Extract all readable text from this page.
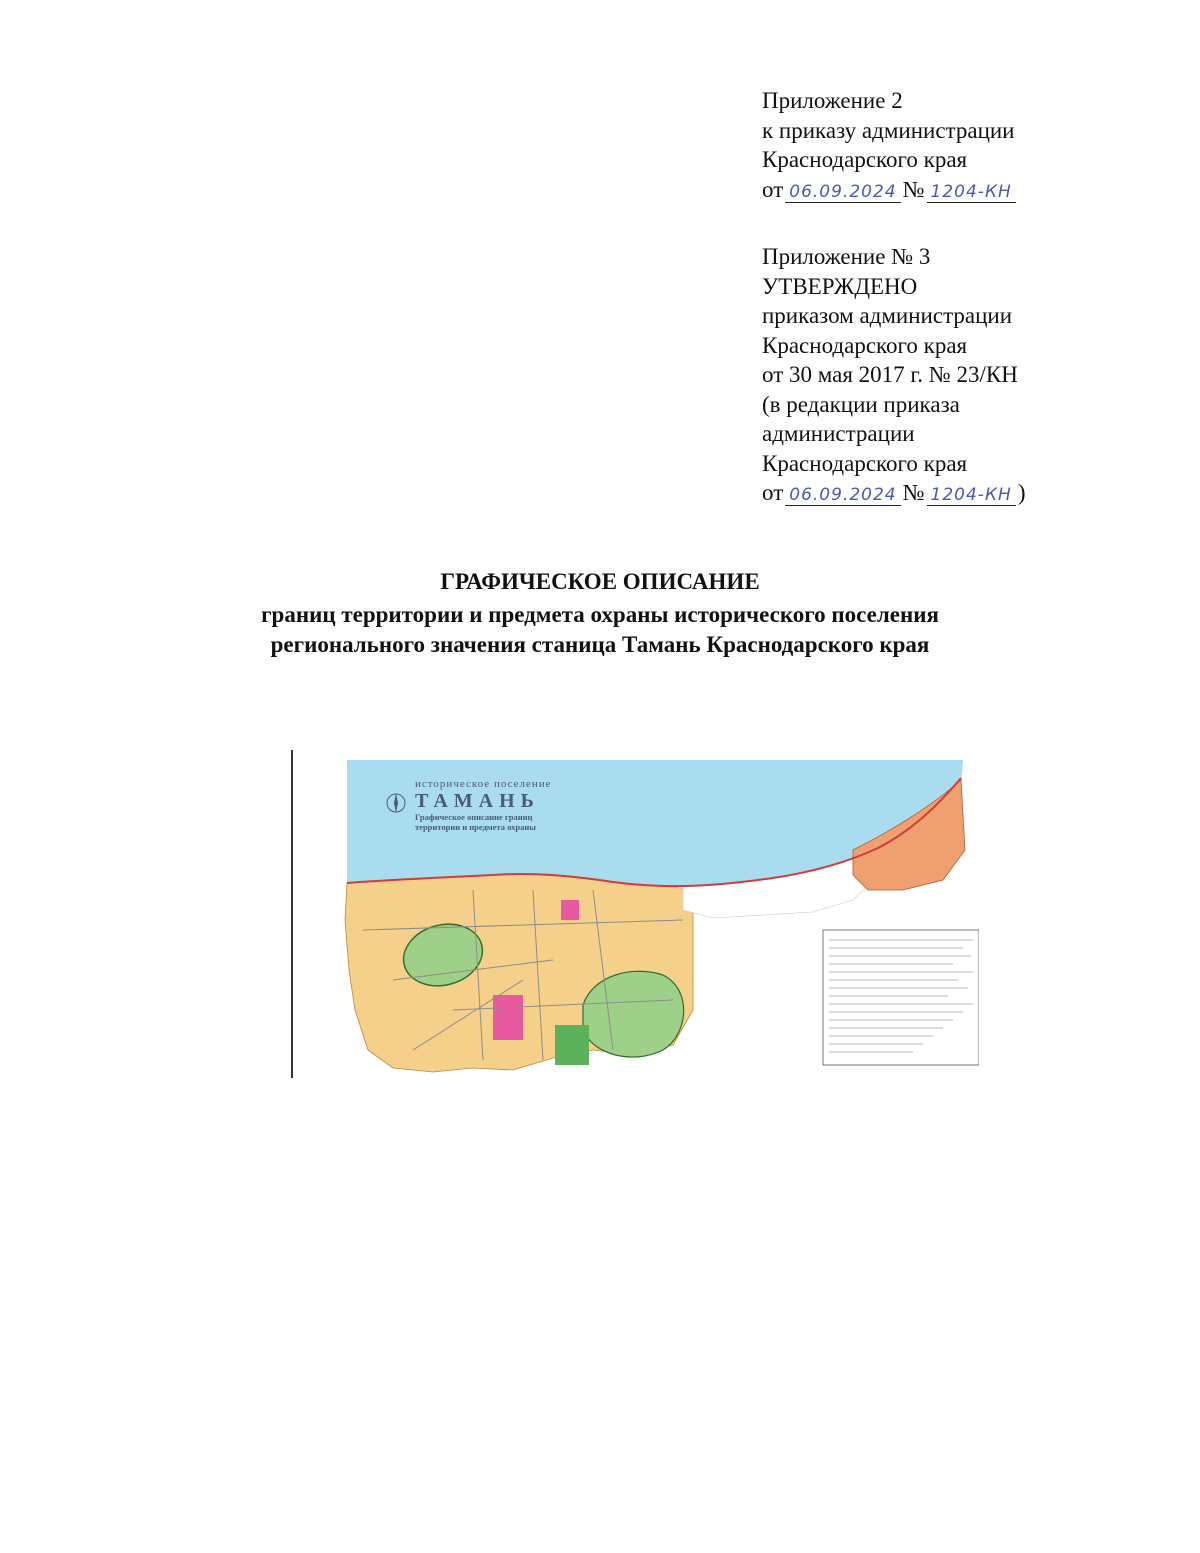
Приложение 2
к приказу администрации
Краснодарского края
от 06.09.2024 № 1204-КН
Приложение № 3
УТВЕРЖДЕНО
приказом администрации
Краснодарского края
от 30 мая 2017 г. № 23/КН
(в редакции приказа
администрации
Краснодарского края
от 06.09.2024 № 1204-КН )
ГРАФИЧЕСКОЕ ОПИСАНИЕ
границ территории и предмета охраны исторического поселения
регионального значения станица Тамань Краснодарского края
историческое поселение
ТАМАНЬ
Графическое описание границ
территории и предмета охраны
